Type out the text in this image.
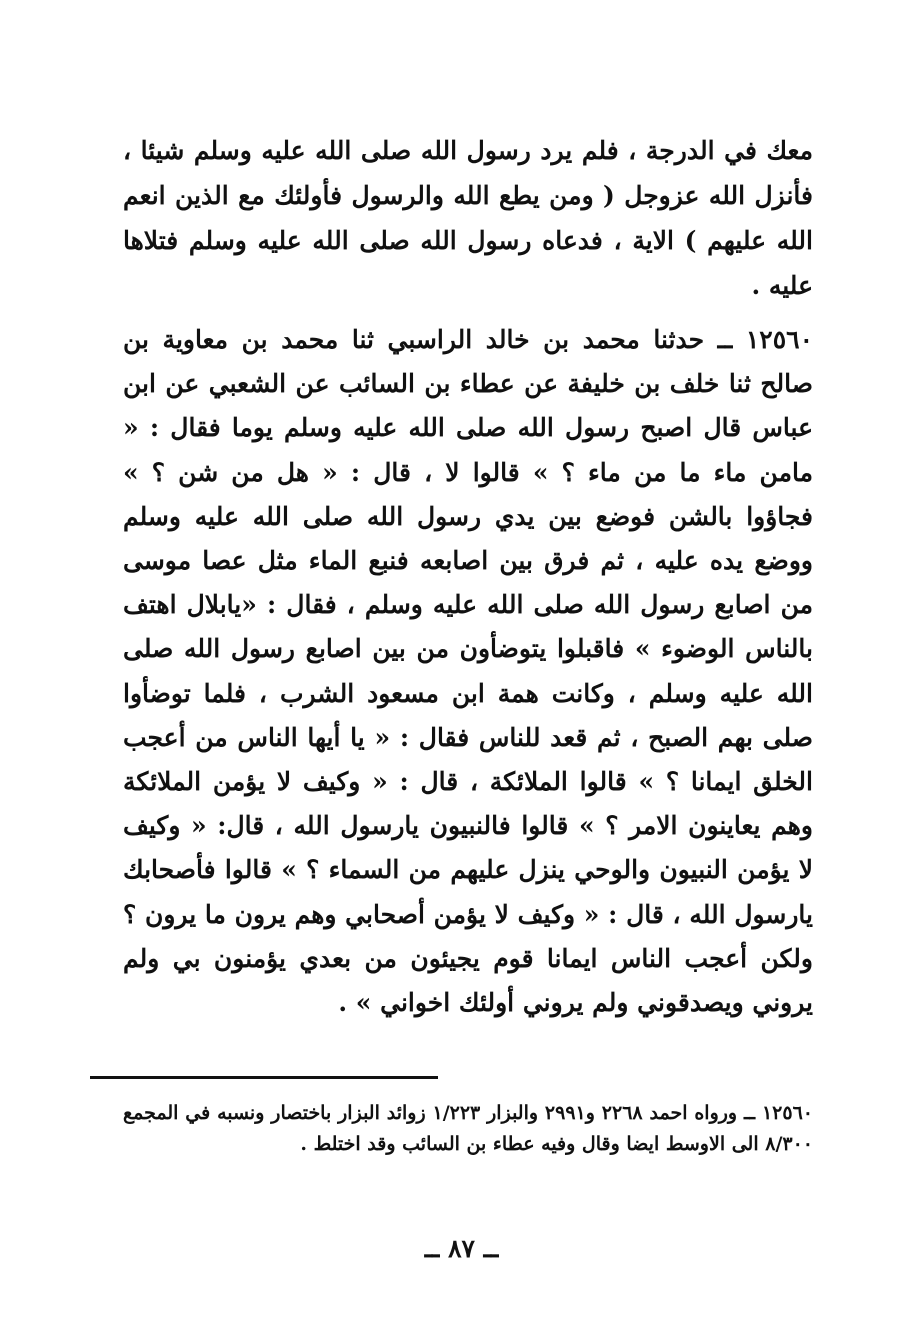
معك في الدرجة ، فلم يرد رسول الله صلى الله عليه وسلم شيئا ، فأنزل الله عزوجل ( ومن يطع الله والرسول فأولئك مع الذين انعم الله عليهم ) الاية ، فدعاه رسول الله صلى الله عليه وسلم فتلاها عليه .

١٢٥٦٠ ــ حدثنا محمد بن خالد الراسبي ثنا محمد بن معاوية بن صالح ثنا خلف بن خليفة عن عطاء بن السائب عن الشعبي عن ابن عباس قال اصبح رسول الله صلى الله عليه وسلم يوما فقال : « مامن ماء ما من ماء ؟ » قالوا لا ، قال : « هل من شن ؟ » فجاؤوا بالشن فوضع بين يدي رسول الله صلى الله عليه وسلم ووضع يده عليه ، ثم فرق بين اصابعه فنبع الماء مثل عصا موسى من اصابع رسول الله صلى الله عليه وسلم ، فقال : «يابلال اهتف بالناس الوضوء » فاقبلوا يتوضأون من بين اصابع رسول الله صلى الله عليه وسلم ، وكانت همة ابن مسعود الشرب ، فلما توضأوا صلى بهم الصبح ، ثم قعد للناس فقال : « يا أيها الناس من أعجب الخلق ايمانا ؟ » قالوا الملائكة ، قال : « وكيف لا يؤمن الملائكة وهم يعاينون الامر ؟ » قالوا فالنبيون يارسول الله ، قال: « وكيف لا يؤمن النبيون والوحي ينزل عليهم من السماء ؟ » قالوا فأصحابك يارسول الله ، قال : « وكيف لا يؤمن أصحابي وهم يرون ما يرون ؟ ولكن أعجب الناس ايمانا قوم يجيئون من بعدي يؤمنون بي ولم يروني ويصدقوني ولم يروني أولئك اخواني » .

١٢٥٦٠ ــ ورواه احمد ٢٢٦٨ و٢٩٩١ والبزار ١/٢٢٣ زوائد البزار باختصار ونسبه في المجمع ٨/٣٠٠ الى الاوسط ايضا وقال وفيه عطاء بن السائب وقد اختلط .

ــ ٨٧ ــ
